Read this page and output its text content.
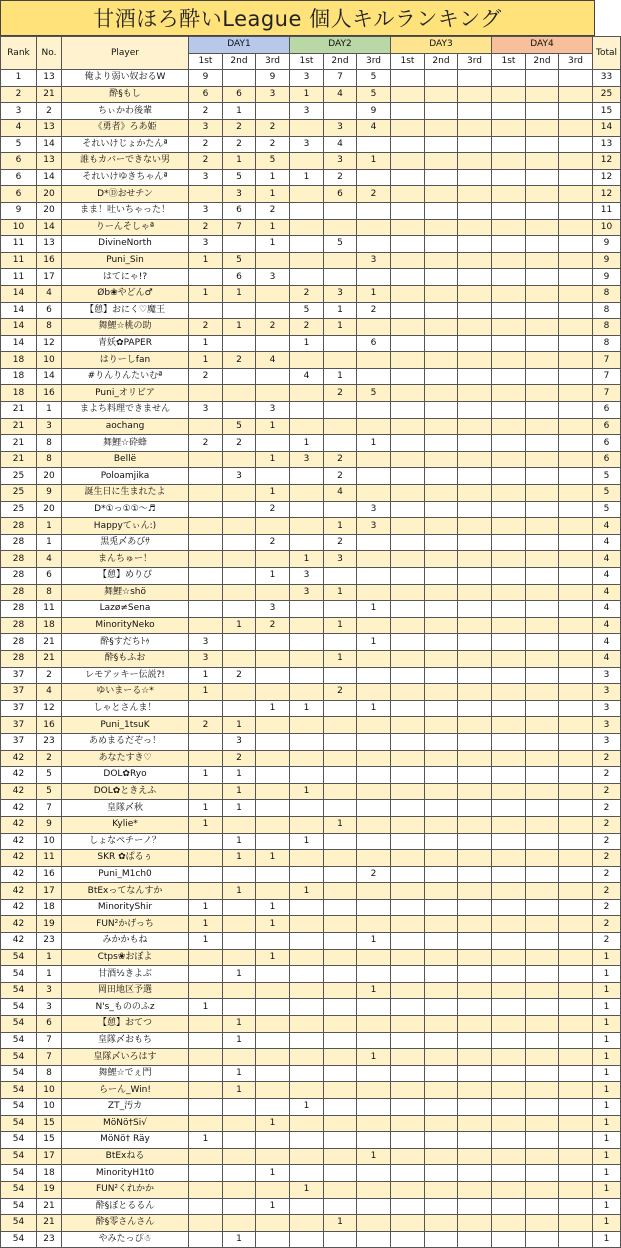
甘酒ほろ酔いLeague 個人キルランキング
Rank	No.	Player	DAY1			DAY2			DAY3			DAY4			Total
			1st	2nd	3rd	1st	2nd	3rd	1st	2nd	3rd	1st	2nd	3rd	
1	13	俺より弱い奴おるW	9		9	3	7	5							33
2	21	酔§もし	6	6	3	1	4	5							25
3	2	ちぃかわ後輩	2	1		3		9							15
4	13	《勇者》ろあ姫	3	2	2		3	4							14
5	14	それいけじょかたんª	2	2	2	3	4								13
6	13	誰もカバーできない男	2	1	5		3	1							12
6	14	それいけゆきちゃんª	3	5	1	1	2								12
6	20	D*Ⓓおせチン		3	1		6	2							12
9	20	まま！吐いちゃった！	3	6	2										11
10	14	りーんそしゃª	2	7	1										10
11	13	DivineNorth	3		1		5								9
11	16	Puni_Sin	1	5				3							9
11	17	はてにゃ!?		6	3										9
14	4	Øb❀やどん♂	1	1		2	3	1							8
14	6	【憩】おにく♡魔王				5	1	2							8
14	8	舞鯉☆桃の助	2	1	2	2	1								8
14	12	青妖✿PAPER	1			1		6							8
18	10	はりーしfan	1	2	4										7
18	14	#りんりんたいむª	2			4	1								7
18	16	Puni_オリビア					2	5							7
21	1	まよち料理できません	3		3										6
21	3	aochang		5	1										6
21	8	舞鯉☆砕蜂	2	2		1		1							6
21	8	Bellë			1	3	2								6
25	20	Poloamjika		3			2								5
25	9	誕生日に生まれたよ			1		4								5
25	20	D*①っ①①〜♬			2			3							5
28	1	Happyてぃん:)					1	3							4
28	1	黒兎〆あびｻ			2		2								4
28	4	まんちゅー！				1	3								4
28	6	【憩】めりぴ			1	3									4
28	8	舞鯉☆shö				3	1								4
28	11	Lazø≠Sena			3			1							4
28	18	MinorityNeko		1	2		1								4
28	21	酔§すだちﾄｩ	3					1							4
28	21	酔§もふお	3				1								4
37	2	レモアッキー伝説?!	1	2											3
37	4	ゆいまーる☆*	1				2								3
37	12	しゃとさんま！			1	1		1							3
37	16	Puni_1tsuK	2	1											3
37	23	あめまるだぞっ！		3											3
42	2	あなたすき♡		2											2
42	5	DOL✿Ryo	1	1											2
42	5	DOL✿ときえふ		1		1									2
42	7	皇隊〆秋	1	1											2
42	9	Kylie*	1				1								2
42	10	しょなペチーノ？		1		1									2
42	11	SKR ✿ぱるぅ		1	1										2
42	16	Puni_M1ch0						2							2
42	17	BtExってなんすか		1		1									2
42	18	MinorityShir	1		1										2
42	19	FUN²かげっち	1		1										2
42	23	みかかもね	1					1							2
54	1	Ctps❀おぼよ			1										1
54	1	甘酒½きよぶ		1											1
54	3	岡田地区予選						1							1
54	3	N's_もののふz	1												1
54	6	【憩】おてつ		1											1
54	7	皇隊〆おもち		1											1
54	7	皇隊〆いろはす						1							1
54	8	舞鯉☆でぇ門		1											1
54	10	らーん_Win!		1											1
54	10	ZT_汚カ				1									1
54	15	MöNö†Si√			1										1
54	15	MöNö† Räy	1												1
54	17	BtExねる						1							1
54	18	MinorityH1t0			1										1
54	19	FUN²くれかか				1									1
54	21	酔§ぼとるるん			1										1
54	21	酔§零さんさん					1								1
54	23	やみたっぴ☃		1											1
